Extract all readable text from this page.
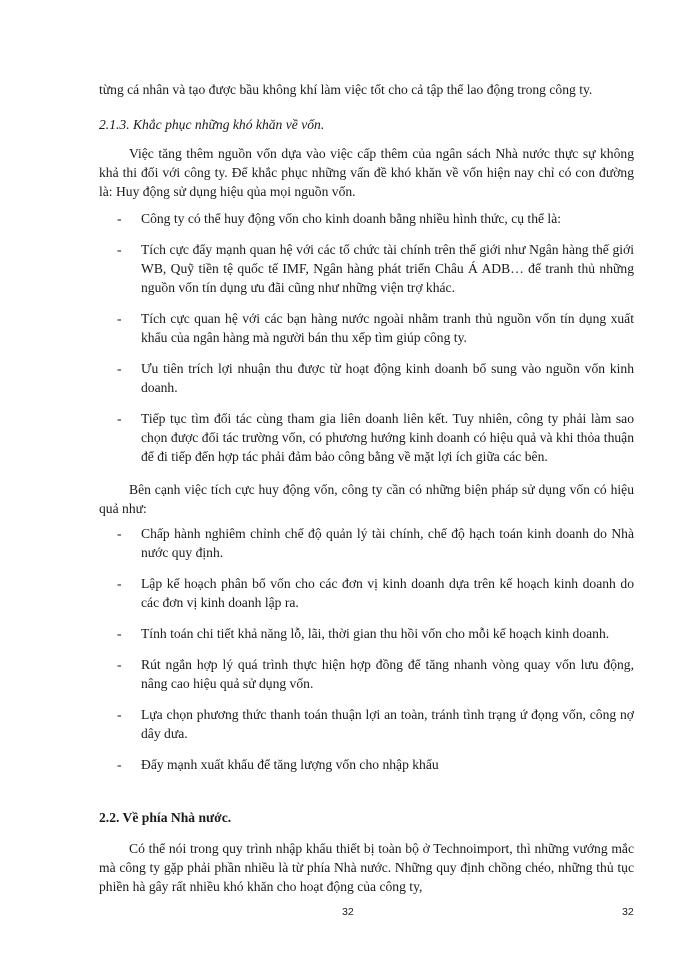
từng cá nhân và tạo được bầu không khí làm việc tốt cho cả tập thể lao động trong công ty.

2.1.3. Khắc phục những khó khăn về vốn.

Việc tăng thêm nguồn vốn dựa vào việc cấp thêm của ngân sách Nhà nước thực sự không khả thi đối với công ty. Để khắc phục những vấn đề khó khăn về vốn hiện nay chỉ có con đường là: Huy động sử dụng hiệu qủa mọi nguồn vốn.

- Công ty có thể huy động vốn cho kinh doanh bằng nhiều hình thức, cụ thể là:
- Tích cực đẩy mạnh quan hệ với các tổ chức tài chính trên thế giới như Ngân hàng thế giới WB, Quỹ tiền tệ quốc tế IMF, Ngân hàng phát triển Châu Á ADB… để tranh thủ những nguồn vốn tín dụng ưu đãi cũng như những viện trợ khác.
- Tích cực quan hệ với các bạn hàng nước ngoài nhằm tranh thủ nguồn vốn tín dụng xuất khẩu của ngân hàng mà người bán thu xếp tìm giúp công ty.
- Ưu tiên trích lợi nhuận thu được từ hoạt động kinh doanh bổ sung vào nguồn vốn kinh doanh.
- Tiếp tục tìm đối tác cùng tham gia liên doanh liên kết. Tuy nhiên, công ty phải làm sao chọn được đối tác trường vốn, có phương hướng kinh doanh có hiệu quả và khi thỏa thuận để đi tiếp đến hợp tác phải đảm bảo công bằng về mặt lợi ích giữa các bên.

Bên cạnh việc tích cực huy động vốn, công ty cần có những biện pháp sử dụng vốn có hiệu quả như:

- Chấp hành nghiêm chỉnh chế độ quản lý tài chính, chế độ hạch toán kinh doanh do Nhà nước quy định.
- Lập kế hoạch phân bổ vốn cho các đơn vị kinh doanh dựa trên kế hoạch kinh doanh do các đơn vị kinh doanh lập ra.
- Tính toán chi tiết khả năng lỗ, lãi, thời gian thu hồi vốn cho mỗi kế hoạch kinh doanh.
- Rút ngắn hợp lý quá trình thực hiện hợp đồng để tăng nhanh vòng quay vốn lưu động, nâng cao hiệu quả sử dụng vốn.
- Lựa chọn phương thức thanh toán thuận lợi an toàn, tránh tình trạng ứ đọng vốn, công nợ dây dưa.
- Đẩy mạnh xuất khẩu để tăng lượng vốn cho nhập khẩu

2.2. Về phía Nhà nước.

Có thể nói trong quy trình nhập khẩu thiết bị toàn bộ ở Technoimport, thì những vướng mắc mà công ty gặp phải phần nhiều là từ phía Nhà nước. Những quy định chồng chéo, những thủ tục phiền hà gây rất nhiều khó khăn cho hoạt động của công ty,

32	32
